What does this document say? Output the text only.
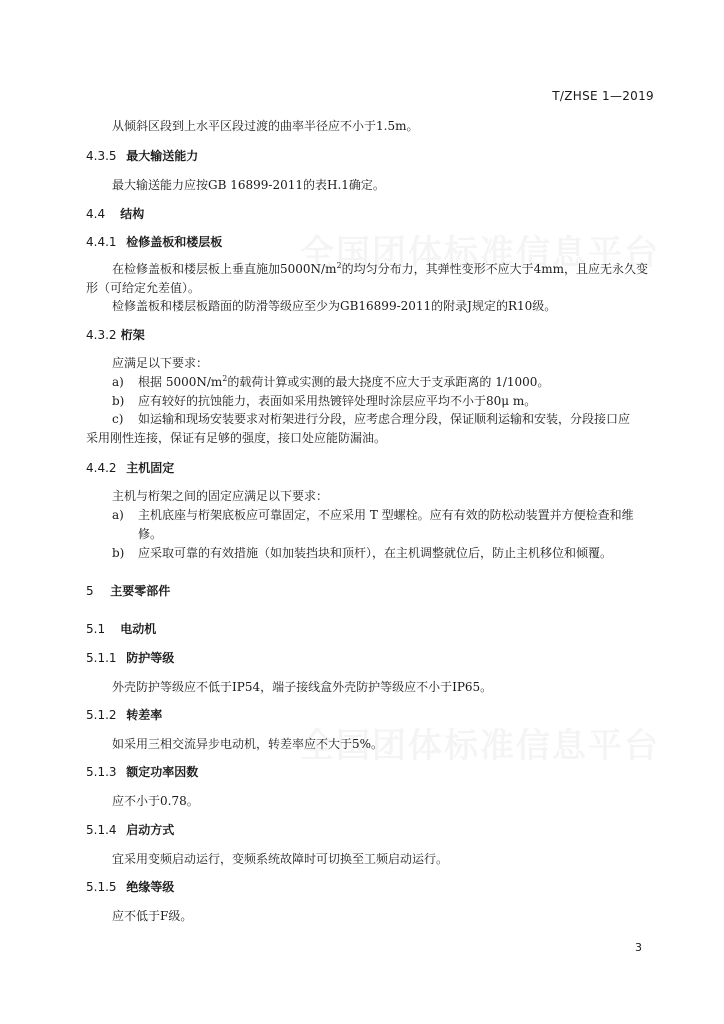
T/ZHSE 1—2019
从倾斜区段到上水平区段过渡的曲率半径应不小于1.5m。
4.3.5 最大输送能力
最大输送能力应按GB 16899-2011的表H.1确定。
4.4 结构
4.4.1 检修盖板和楼层板
在检修盖板和楼层板上垂直施加$5000N/m^2$的均匀分布力，其弹性变形不应大于4mm，且应无永久变
形（可给定允差值）。
检修盖板和楼层板踏面的防滑等级应至少为GB16899-2011的附录J规定的R10级。
4.3.2 桁架
应满足以下要求：
a) 根据 $5000N/m^2$的载荷计算或实测的最大挠度不应大于支承距离的 1/1000。
b) 应有较好的抗蚀能力，表面如采用热镀锌处理时涂层应平均不小于80μ m。
c) 如运输和现场安装要求对桁架进行分段，应考虑合理分段，保证顺利运输和安装，分段接口应
采用刚性连接，保证有足够的强度，接口处应能防漏油。
4.4.2 主机固定
主机与桁架之间的固定应满足以下要求：
a) 主机底座与桁架底板应可靠固定，不应采用 T 型螺栓。应有有效的防松动装置并方便检查和维
修。
b) 应采取可靠的有效措施（如加装挡块和顶杆），在主机调整就位后，防止主机移位和倾覆。
5 主要零部件
5.1 电动机
5.1.1 防护等级
外壳防护等级应不低于IP54，端子接线盒外壳防护等级应不小于IP65。
5.1.2 转差率
如采用三相交流异步电动机，转差率应不大于5%。
5.1.3 额定功率因数
应不小于0.78。
5.1.4 启动方式
宜采用变频启动运行，变频系统故障时可切换至工频启动运行。
5.1.5 绝缘等级
应不低于F级。
3
